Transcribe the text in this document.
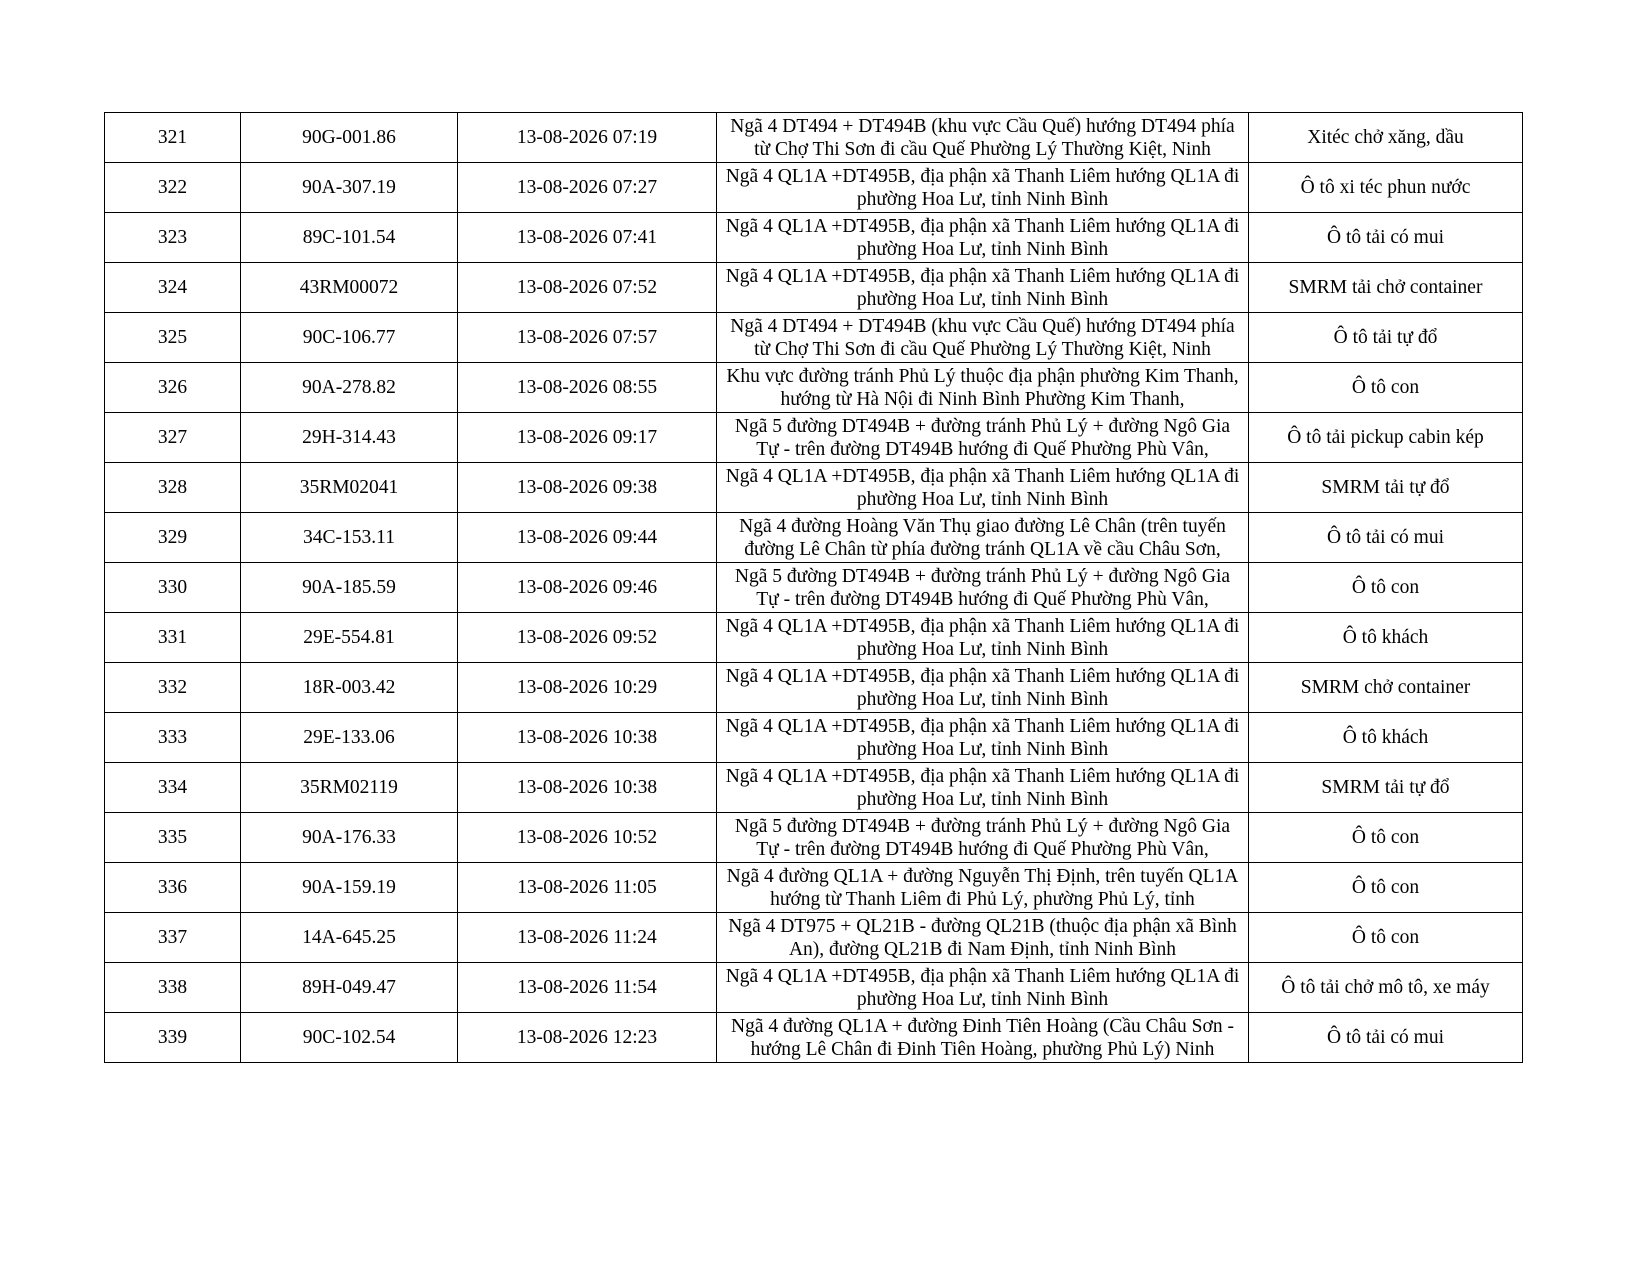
321	90G-001.86	13-08-2026 07:19	Ngã 4 DT494 + DT494B (khu vực Cầu Quế) hướng DT494 phía từ Chợ Thi Sơn đi cầu Quế Phường Lý Thường Kiệt, Ninh	Xitéc chở xăng, dầu
322	90A-307.19	13-08-2026 07:27	Ngã 4 QL1A +DT495B, địa phận xã Thanh Liêm hướng QL1A đi phường Hoa Lư, tỉnh Ninh Bình	Ô tô xi téc phun nước
323	89C-101.54	13-08-2026 07:41	Ngã 4 QL1A +DT495B, địa phận xã Thanh Liêm hướng QL1A đi phường Hoa Lư, tỉnh Ninh Bình	Ô tô tải có mui
324	43RM00072	13-08-2026 07:52	Ngã 4 QL1A +DT495B, địa phận xã Thanh Liêm hướng QL1A đi phường Hoa Lư, tỉnh Ninh Bình	SMRM tải chở container
325	90C-106.77	13-08-2026 07:57	Ngã 4 DT494 + DT494B (khu vực Cầu Quế) hướng DT494 phía từ Chợ Thi Sơn đi cầu Quế Phường Lý Thường Kiệt, Ninh	Ô tô tải tự đổ
326	90A-278.82	13-08-2026 08:55	Khu vực đường tránh Phủ Lý thuộc địa phận phường Kim Thanh, hướng từ Hà Nội đi Ninh Bình Phường Kim Thanh,	Ô tô con
327	29H-314.43	13-08-2026 09:17	Ngã 5 đường DT494B + đường tránh Phủ Lý + đường Ngô Gia Tự - trên đường DT494B hướng đi Quế Phường Phù Vân,	Ô tô tải pickup cabin kép
328	35RM02041	13-08-2026 09:38	Ngã 4 QL1A +DT495B, địa phận xã Thanh Liêm hướng QL1A đi phường Hoa Lư, tỉnh Ninh Bình	SMRM tải tự đổ
329	34C-153.11	13-08-2026 09:44	Ngã 4 đường Hoàng Văn Thụ giao đường Lê Chân (trên tuyến đường Lê Chân từ phía đường tránh QL1A về cầu Châu Sơn,	Ô tô tải có mui
330	90A-185.59	13-08-2026 09:46	Ngã 5 đường DT494B + đường tránh Phủ Lý + đường Ngô Gia Tự - trên đường DT494B hướng đi Quế Phường Phù Vân,	Ô tô con
331	29E-554.81	13-08-2026 09:52	Ngã 4 QL1A +DT495B, địa phận xã Thanh Liêm hướng QL1A đi phường Hoa Lư, tỉnh Ninh Bình	Ô tô khách
332	18R-003.42	13-08-2026 10:29	Ngã 4 QL1A +DT495B, địa phận xã Thanh Liêm hướng QL1A đi phường Hoa Lư, tỉnh Ninh Bình	SMRM chở container
333	29E-133.06	13-08-2026 10:38	Ngã 4 QL1A +DT495B, địa phận xã Thanh Liêm hướng QL1A đi phường Hoa Lư, tỉnh Ninh Bình	Ô tô khách
334	35RM02119	13-08-2026 10:38	Ngã 4 QL1A +DT495B, địa phận xã Thanh Liêm hướng QL1A đi phường Hoa Lư, tỉnh Ninh Bình	SMRM tải tự đổ
335	90A-176.33	13-08-2026 10:52	Ngã 5 đường DT494B + đường tránh Phủ Lý + đường Ngô Gia Tự - trên đường DT494B hướng đi Quế Phường Phù Vân,	Ô tô con
336	90A-159.19	13-08-2026 11:05	Ngã 4 đường QL1A + đường Nguyễn Thị Định, trên tuyến QL1A hướng từ Thanh Liêm đi Phủ Lý, phường Phủ Lý, tỉnh	Ô tô con
337	14A-645.25	13-08-2026 11:24	Ngã 4 DT975 + QL21B - đường QL21B (thuộc địa phận xã Bình An), đường QL21B đi Nam Định, tỉnh Ninh Bình	Ô tô con
338	89H-049.47	13-08-2026 11:54	Ngã 4 QL1A +DT495B, địa phận xã Thanh Liêm hướng QL1A đi phường Hoa Lư, tỉnh Ninh Bình	Ô tô tải chở mô tô, xe máy
339	90C-102.54	13-08-2026 12:23	Ngã 4 đường QL1A + đường Đinh Tiên Hoàng (Cầu Châu Sơn - hướng Lê Chân đi Đinh Tiên Hoàng, phường Phủ Lý) Ninh	Ô tô tải có mui
